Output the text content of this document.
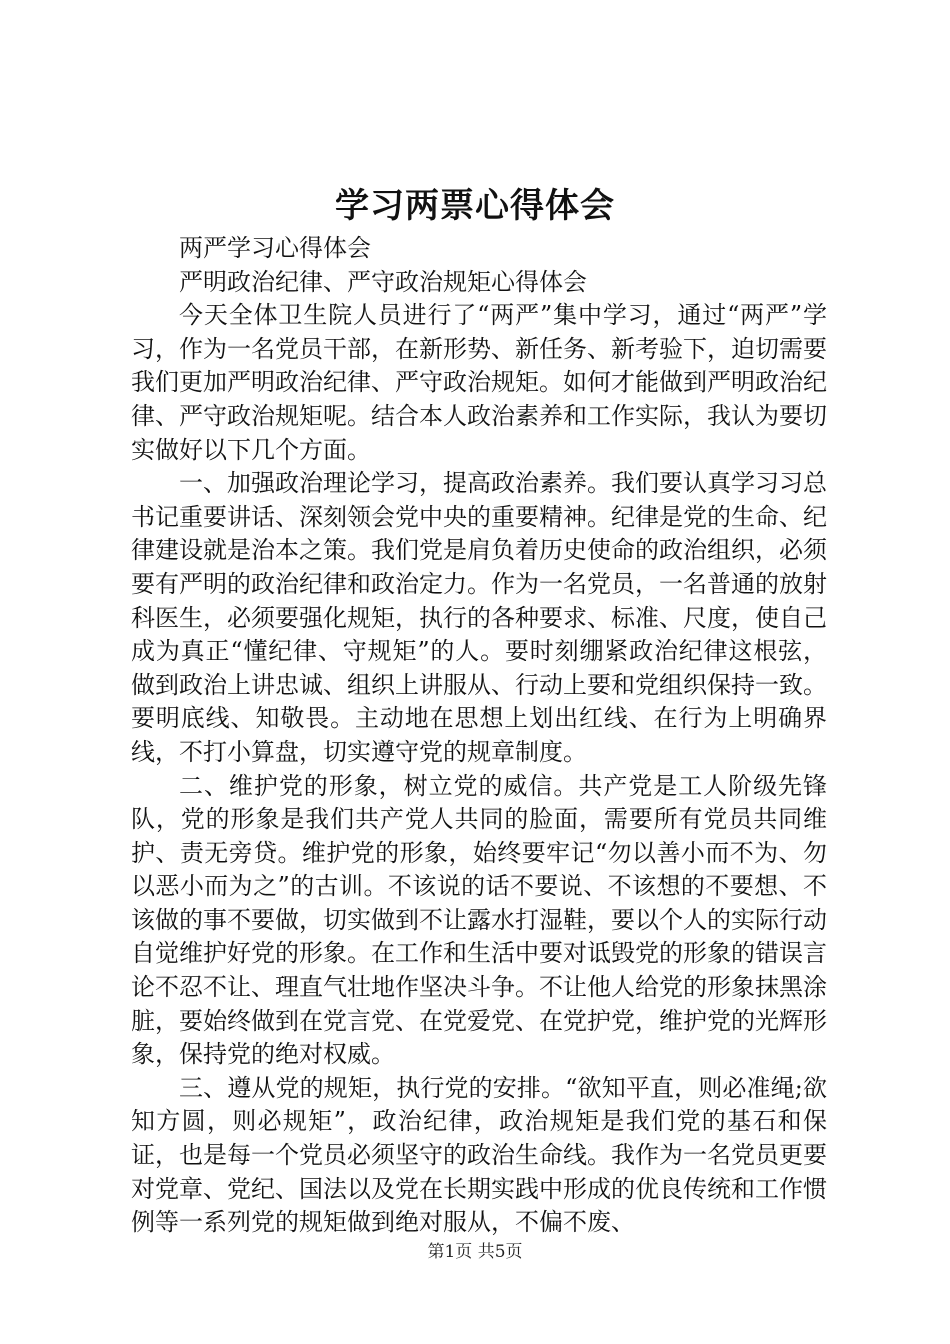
学习两票心得体会

两严学习心得体会

严明政治纪律、严守政治规矩心得体会

今天全体卫生院人员进行了“两严”集中学习，通过“两严”学习，作为一名党员干部，在新形势、新任务、新考验下，迫切需要我们更加严明政治纪律、严守政治规矩。如何才能做到严明政治纪律、严守政治规矩呢。结合本人政治素养和工作实际，我认为要切实做好以下几个方面。

一、加强政治理论学习，提高政治素养。我们要认真学习习总书记重要讲话、深刻领会党中央的重要精神。纪律是党的生命、纪律建设就是治本之策。我们党是肩负着历史使命的政治组织，必须要有严明的政治纪律和政治定力。作为一名党员，一名普通的放射科医生，必须要强化规矩，执行的各种要求、标准、尺度，使自己成为真正“懂纪律、守规矩”的人。要时刻绷紧政治纪律这根弦，做到政治上讲忠诚、组织上讲服从、行动上要和党组织保持一致。要明底线、知敬畏。主动地在思想上划出红线、在行为上明确界线，不打小算盘，切实遵守党的规章制度。

二、维护党的形象，树立党的威信。共产党是工人阶级先锋队，党的形象是我们共产党人共同的脸面，需要所有党员共同维护、责无旁贷。维护党的形象，始终要牢记“勿以善小而不为、勿以恶小而为之”的古训。不该说的话不要说、不该想的不要想、不该做的事不要做，切实做到不让露水打湿鞋，要以个人的实际行动自觉维护好党的形象。在工作和生活中要对诋毁党的形象的错误言论不忍不让、理直气壮地作坚决斗争。不让他人给党的形象抹黑涂脏，要始终做到在党言党、在党爱党、在党护党，维护党的光辉形象，保持党的绝对权威。

三、遵从党的规矩，执行党的安排。“欲知平直，则必准绳;欲知方圆，则必规矩”，政治纪律，政治规矩是我们党的基石和保证，也是每一个党员必须坚守的政治生命线。我作为一名党员更要对党章、党纪、国法以及党在长期实践中形成的优良传统和工作惯例等一系列党的规矩做到绝对服从，不偏不废、

第1页 共5页
